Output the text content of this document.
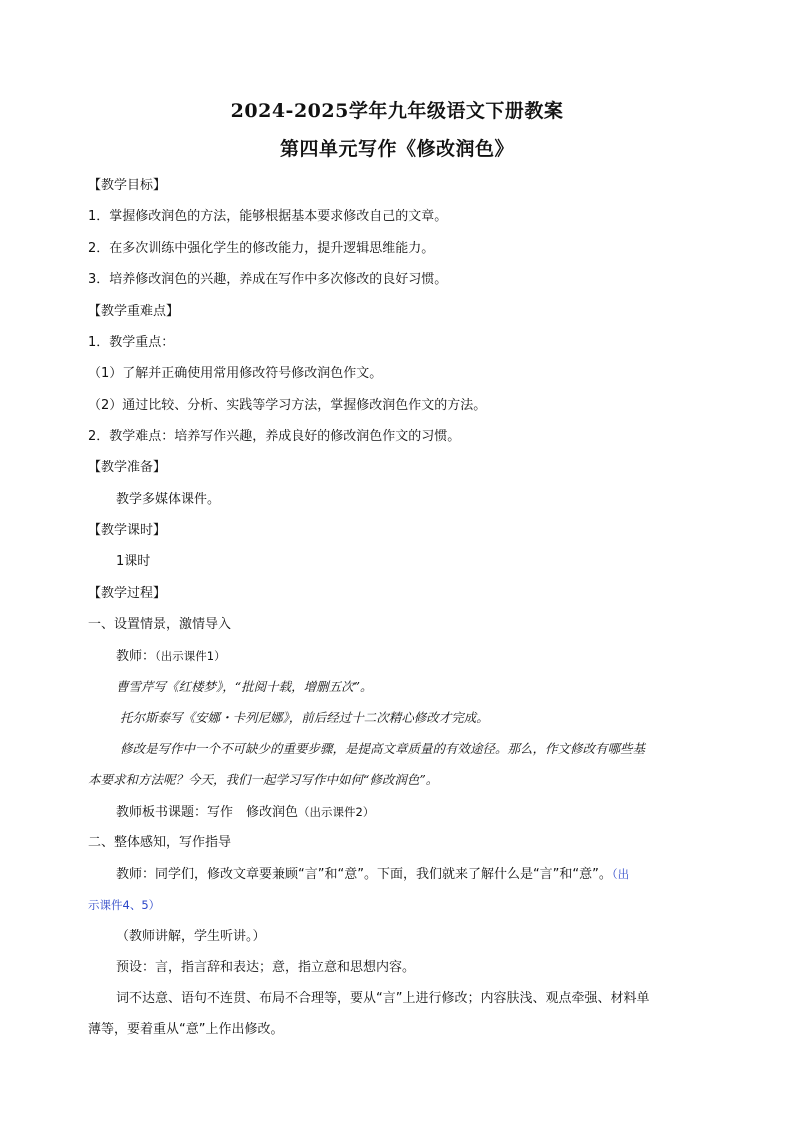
2024-2025学年九年级语文下册教案
第四单元写作《修改润色》
【教学目标】
1．掌握修改润色的方法，能够根据基本要求修改自己的文章。
2．在多次训练中强化学生的修改能力，提升逻辑思维能力。
3．培养修改润色的兴趣，养成在写作中多次修改的良好习惯。
【教学重难点】
1．教学重点：
（1）了解并正确使用常用修改符号修改润色作文。
（2）通过比较、分析、实践等学习方法，掌握修改润色作文的方法。
2．教学难点：培养写作兴趣，养成良好的修改润色作文的习惯。
【教学准备】
教学多媒体课件。
【教学课时】
1课时
【教学过程】
一、设置情景，激情导入
教师：（出示课件1）
曹雪芹写《红楼梦》，“批阅十载，增删五次”。
托尔斯泰写《安娜・卡列尼娜》，前后经过十二次精心修改才完成。
修改是写作中一个不可缺少的重要步骤，是提高文章质量的有效途径。那么，作文修改有哪些基
本要求和方法呢？今天，我们一起学习写作中如何“修改润色”。
教师板书课题：写作　修改润色（出示课件2）
二、整体感知，写作指导
教师：同学们，修改文章要兼顾“言”和“意”。下面，我们就来了解什么是“言”和“意”。（出
示课件4、5）
（教师讲解，学生听讲。）
预设：言，指言辞和表达；意，指立意和思想内容。
词不达意、语句不连贯、布局不合理等，要从“言”上进行修改；内容肤浅、观点牵强、材料单
薄等，要着重从“意”上作出修改。
